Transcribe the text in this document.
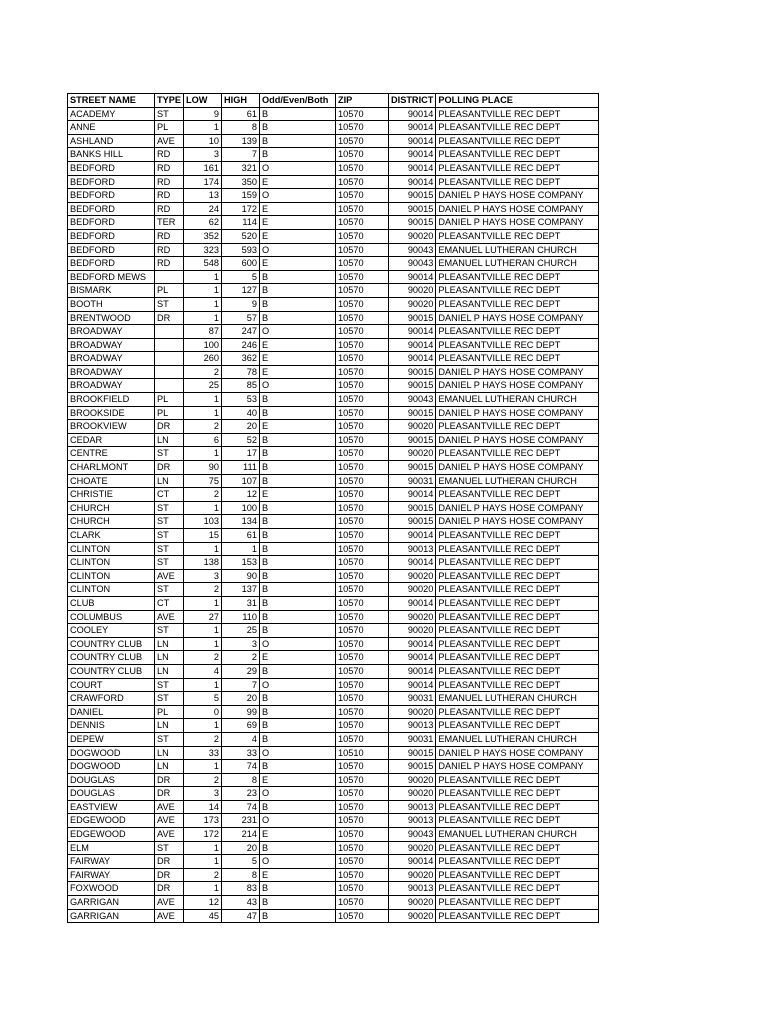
STREET NAME	TYPE	LOW	HIGH	Odd/Even/Both	ZIP	DISTRICT	POLLING PLACE
ACADEMY	ST	9	61	B	10570	90014	PLEASANTVILLE REC DEPT
ANNE	PL	1	8	B	10570	90014	PLEASANTVILLE REC DEPT
ASHLAND	AVE	10	139	B	10570	90014	PLEASANTVILLE REC DEPT
BANKS HILL	RD	3	7	B	10570	90014	PLEASANTVILLE REC DEPT
BEDFORD	RD	161	321	O	10570	90014	PLEASANTVILLE REC DEPT
BEDFORD	RD	174	350	E	10570	90014	PLEASANTVILLE REC DEPT
BEDFORD	RD	13	159	O	10570	90015	DANIEL P HAYS HOSE COMPANY
BEDFORD	RD	24	172	E	10570	90015	DANIEL P HAYS HOSE COMPANY
BEDFORD	TER	62	114	E	10570	90015	DANIEL P HAYS HOSE COMPANY
BEDFORD	RD	352	520	E	10570	90020	PLEASANTVILLE REC DEPT
BEDFORD	RD	323	593	O	10570	90043	EMANUEL LUTHERAN CHURCH
BEDFORD	RD	548	600	E	10570	90043	EMANUEL LUTHERAN CHURCH
BEDFORD MEWS		1	5	B	10570	90014	PLEASANTVILLE REC DEPT
BISMARK	PL	1	127	B	10570	90020	PLEASANTVILLE REC DEPT
BOOTH	ST	1	9	B	10570	90020	PLEASANTVILLE REC DEPT
BRENTWOOD	DR	1	57	B	10570	90015	DANIEL P HAYS HOSE COMPANY
BROADWAY		87	247	O	10570	90014	PLEASANTVILLE REC DEPT
BROADWAY		100	246	E	10570	90014	PLEASANTVILLE REC DEPT
BROADWAY		260	362	E	10570	90014	PLEASANTVILLE REC DEPT
BROADWAY		2	78	E	10570	90015	DANIEL P HAYS HOSE COMPANY
BROADWAY		25	85	O	10570	90015	DANIEL P HAYS HOSE COMPANY
BROOKFIELD	PL	1	53	B	10570	90043	EMANUEL LUTHERAN CHURCH
BROOKSIDE	PL	1	40	B	10570	90015	DANIEL P HAYS HOSE COMPANY
BROOKVIEW	DR	2	20	E	10570	90020	PLEASANTVILLE REC DEPT
CEDAR	LN	6	52	B	10570	90015	DANIEL P HAYS HOSE COMPANY
CENTRE	ST	1	17	B	10570	90020	PLEASANTVILLE REC DEPT
CHARLMONT	DR	90	111	B	10570	90015	DANIEL P HAYS HOSE COMPANY
CHOATE	LN	75	107	B	10570	90031	EMANUEL LUTHERAN CHURCH
CHRISTIE	CT	2	12	E	10570	90014	PLEASANTVILLE REC DEPT
CHURCH	ST	1	100	B	10570	90015	DANIEL P HAYS HOSE COMPANY
CHURCH	ST	103	134	B	10570	90015	DANIEL P HAYS HOSE COMPANY
CLARK	ST	15	61	B	10570	90014	PLEASANTVILLE REC DEPT
CLINTON	ST	1	1	B	10570	90013	PLEASANTVILLE REC DEPT
CLINTON	ST	138	153	B	10570	90014	PLEASANTVILLE REC DEPT
CLINTON	AVE	3	90	B	10570	90020	PLEASANTVILLE REC DEPT
CLINTON	ST	2	137	B	10570	90020	PLEASANTVILLE REC DEPT
CLUB	CT	1	31	B	10570	90014	PLEASANTVILLE REC DEPT
COLUMBUS	AVE	27	110	B	10570	90020	PLEASANTVILLE REC DEPT
COOLEY	ST	1	25	B	10570	90020	PLEASANTVILLE REC DEPT
COUNTRY CLUB	LN	1	3	O	10570	90014	PLEASANTVILLE REC DEPT
COUNTRY CLUB	LN	2	2	E	10570	90014	PLEASANTVILLE REC DEPT
COUNTRY CLUB	LN	4	29	B	10570	90014	PLEASANTVILLE REC DEPT
COURT	ST	1	7	O	10570	90014	PLEASANTVILLE REC DEPT
CRAWFORD	ST	5	20	B	10570	90031	EMANUEL LUTHERAN CHURCH
DANIEL	PL	0	99	B	10570	90020	PLEASANTVILLE REC DEPT
DENNIS	LN	1	69	B	10570	90013	PLEASANTVILLE REC DEPT
DEPEW	ST	2	4	B	10570	90031	EMANUEL LUTHERAN CHURCH
DOGWOOD	LN	33	33	O	10510	90015	DANIEL P HAYS HOSE COMPANY
DOGWOOD	LN	1	74	B	10570	90015	DANIEL P HAYS HOSE COMPANY
DOUGLAS	DR	2	8	E	10570	90020	PLEASANTVILLE REC DEPT
DOUGLAS	DR	3	23	O	10570	90020	PLEASANTVILLE REC DEPT
EASTVIEW	AVE	14	74	B	10570	90013	PLEASANTVILLE REC DEPT
EDGEWOOD	AVE	173	231	O	10570	90013	PLEASANTVILLE REC DEPT
EDGEWOOD	AVE	172	214	E	10570	90043	EMANUEL LUTHERAN CHURCH
ELM	ST	1	20	B	10570	90020	PLEASANTVILLE REC DEPT
FAIRWAY	DR	1	5	O	10570	90014	PLEASANTVILLE REC DEPT
FAIRWAY	DR	2	8	E	10570	90020	PLEASANTVILLE REC DEPT
FOXWOOD	DR	1	83	B	10570	90013	PLEASANTVILLE REC DEPT
GARRIGAN	AVE	12	43	B	10570	90020	PLEASANTVILLE REC DEPT
GARRIGAN	AVE	45	47	B	10570	90020	PLEASANTVILLE REC DEPT
